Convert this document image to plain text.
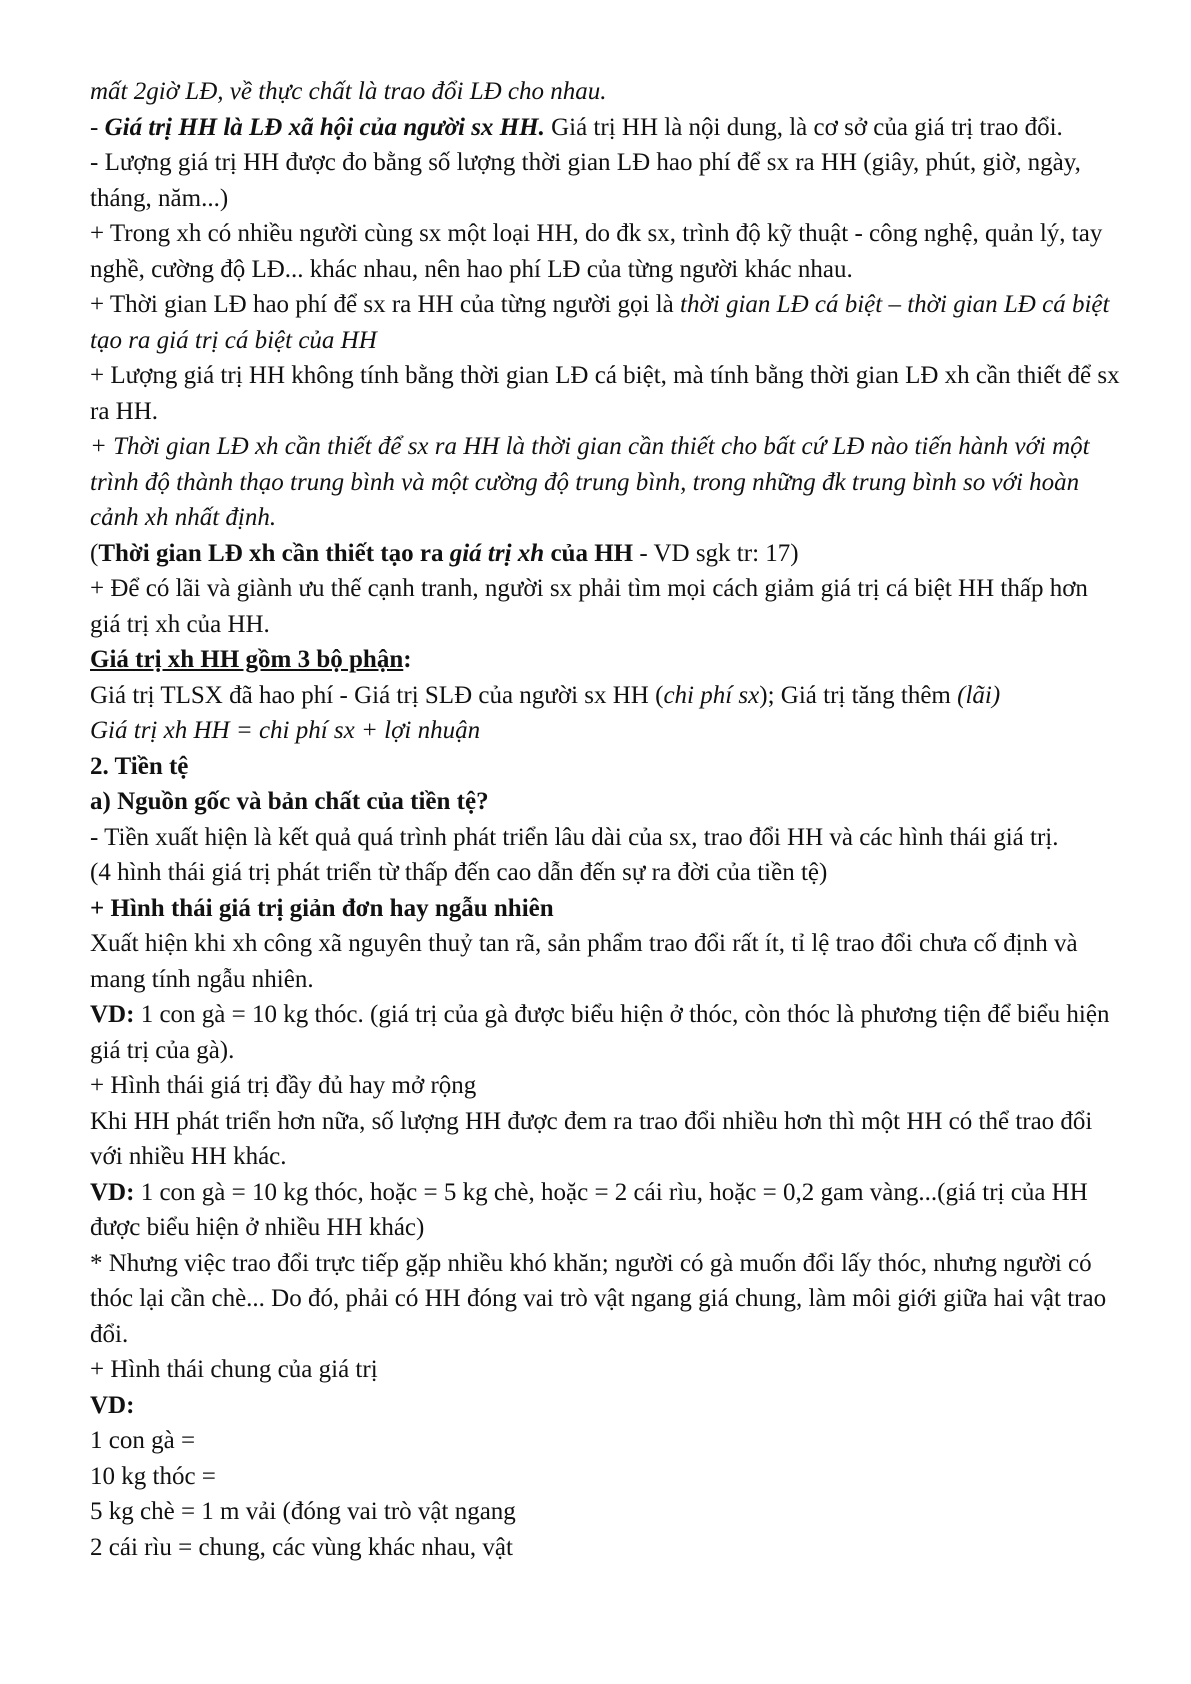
mất 2giờ LĐ, về thực chất là trao đổi LĐ cho nhau.

- Giá trị HH là LĐ xã hội của người sx HH. Giá trị HH là nội dung, là cơ sở của giá trị trao đổi.

- Lượng giá trị HH được đo bằng số lượng thời gian LĐ hao phí để sx ra HH (giây, phút, giờ, ngày, tháng, năm...)

+ Trong xh có nhiều người cùng sx một loại HH, do đk sx, trình độ kỹ thuật - công nghệ, quản lý, tay nghề, cường độ LĐ... khác nhau, nên hao phí LĐ của từng người khác nhau.

+ Thời gian LĐ hao phí để sx ra HH của từng người gọi là thời gian LĐ cá biệt – thời gian LĐ cá biệt tạo ra giá trị cá biệt của HH

+ Lượng giá trị HH không tính bằng thời gian LĐ cá biệt, mà tính bằng thời gian LĐ xh cần thiết để sx ra HH.

+ Thời gian LĐ xh cần thiết để sx ra HH là thời gian cần thiết cho bất cứ LĐ nào tiến hành với một trình độ thành thạo trung bình và một cường độ trung bình, trong những đk trung bình so với hoàn cảnh xh nhất định.

(Thời gian LĐ xh cần thiết tạo ra giá trị xh của HH - VD sgk tr: 17)

+ Để có lãi và giành ưu thế cạnh tranh, người sx phải tìm mọi cách giảm giá trị cá biệt HH thấp hơn giá trị xh của HH.

Giá trị xh HH gồm 3 bộ phận:

Giá trị TLSX đã hao phí - Giá trị SLĐ của người sx HH (chi phí sx); Giá trị tăng thêm (lãi)Giá trị xh HH = chi phí sx + lợi nhuận

2. Tiền tệ

a) Nguồn gốc và bản chất của tiền tệ?

- Tiền xuất hiện là kết quả quá trình phát triển lâu dài của sx, trao đổi HH và các hình thái giá trị.

(4 hình thái giá trị phát triển từ thấp đến cao dẫn đến sự ra đời của tiền tệ)

+ Hình thái giá trị giản đơn hay ngẫu nhiên

Xuất hiện khi xh công xã nguyên thuỷ tan rã, sản phẩm trao đổi rất ít, tỉ lệ trao đổi chưa cố định và mang tính ngẫu nhiên.

VD: 1 con gà = 10 kg thóc. (giá trị của gà được biểu hiện ở thóc, còn thóc là phương tiện để biểu hiện giá trị của gà).

+ Hình thái giá trị đầy đủ hay mở rộng

Khi HH phát triển hơn nữa, số lượng HH được đem ra trao đổi nhiều hơn thì một HH có thể trao đổi với nhiều HH khác.

VD: 1 con gà = 10 kg thóc, hoặc = 5 kg chè, hoặc = 2 cái rìu, hoặc = 0,2 gam vàng...(giá trị của HH được biểu hiện ở nhiều HH khác)

* Nhưng việc trao đổi trực tiếp gặp nhiều khó khăn; người có gà muốn đổi lấy thóc, nhưng người có thóc lại cần chè... Do đó, phải có HH đóng vai trò vật ngang giá chung, làm môi giới giữa hai vật trao đổi.

+ Hình thái chung của giá trị

VD:

1 con gà =

10 kg thóc =

5 kg chè = 1 m vải (đóng vai trò vật ngang

2 cái rìu = chung, các vùng khác nhau, vật
